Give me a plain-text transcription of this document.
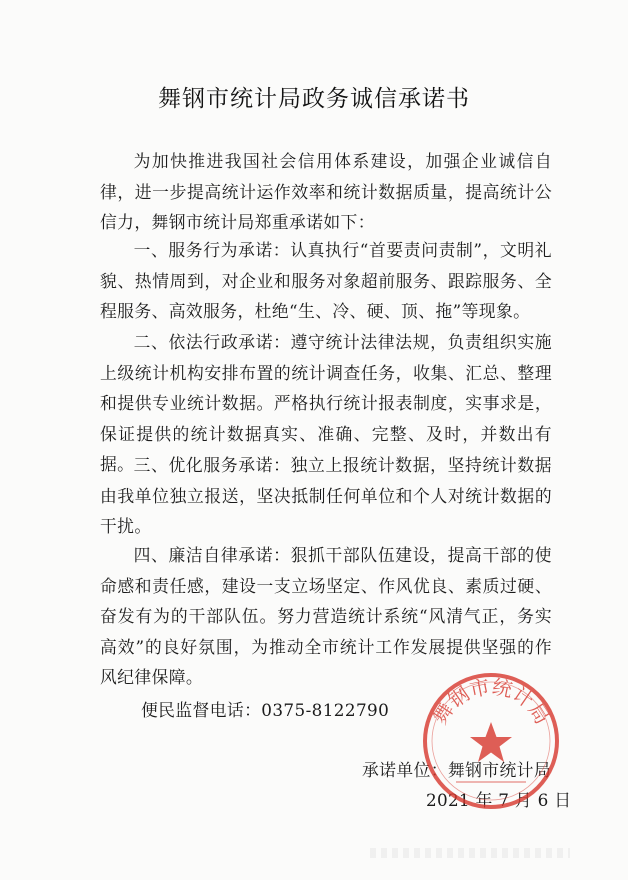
舞钢市统计局政务诚信承诺书

为加快推进我国社会信用体系建设，加强企业诚信自律，进一步提高统计运作效率和统计数据质量，提高统计公信力，舞钢市统计局郑重承诺如下：

一、服务行为承诺：认真执行“首要责问责制”，文明礼貌、热情周到，对企业和服务对象超前服务、跟踪服务、全程服务、高效服务，杜绝“生、冷、硬、顶、拖”等现象。

二、依法行政承诺：遵守统计法律法规，负责组织实施上级统计机构安排布置的统计调查任务，收集、汇总、整理和提供专业统计数据。严格执行统计报表制度，实事求是，保证提供的统计数据真实、准确、完整、及时，并数出有据。 三、优化服务承诺：独立上报统计数据，坚持统计数据由我单位独立报送，坚决抵制任何单位和个人对统计数据的干扰。

四、廉洁自律承诺：狠抓干部队伍建设，提高干部的使命感和责任感，建设一支立场坚定、作风优良、素质过硬、奋发有为的干部队伍。努力营造统计系统“风清气正，务实高效”的良好氛围，为推动全市统计工作发展提供坚强的作风纪律保障。

便民监督电话：0375-8122790
承诺单位：舞钢市统计局
2021 年 7 月 6 日
舞钢市统计局
